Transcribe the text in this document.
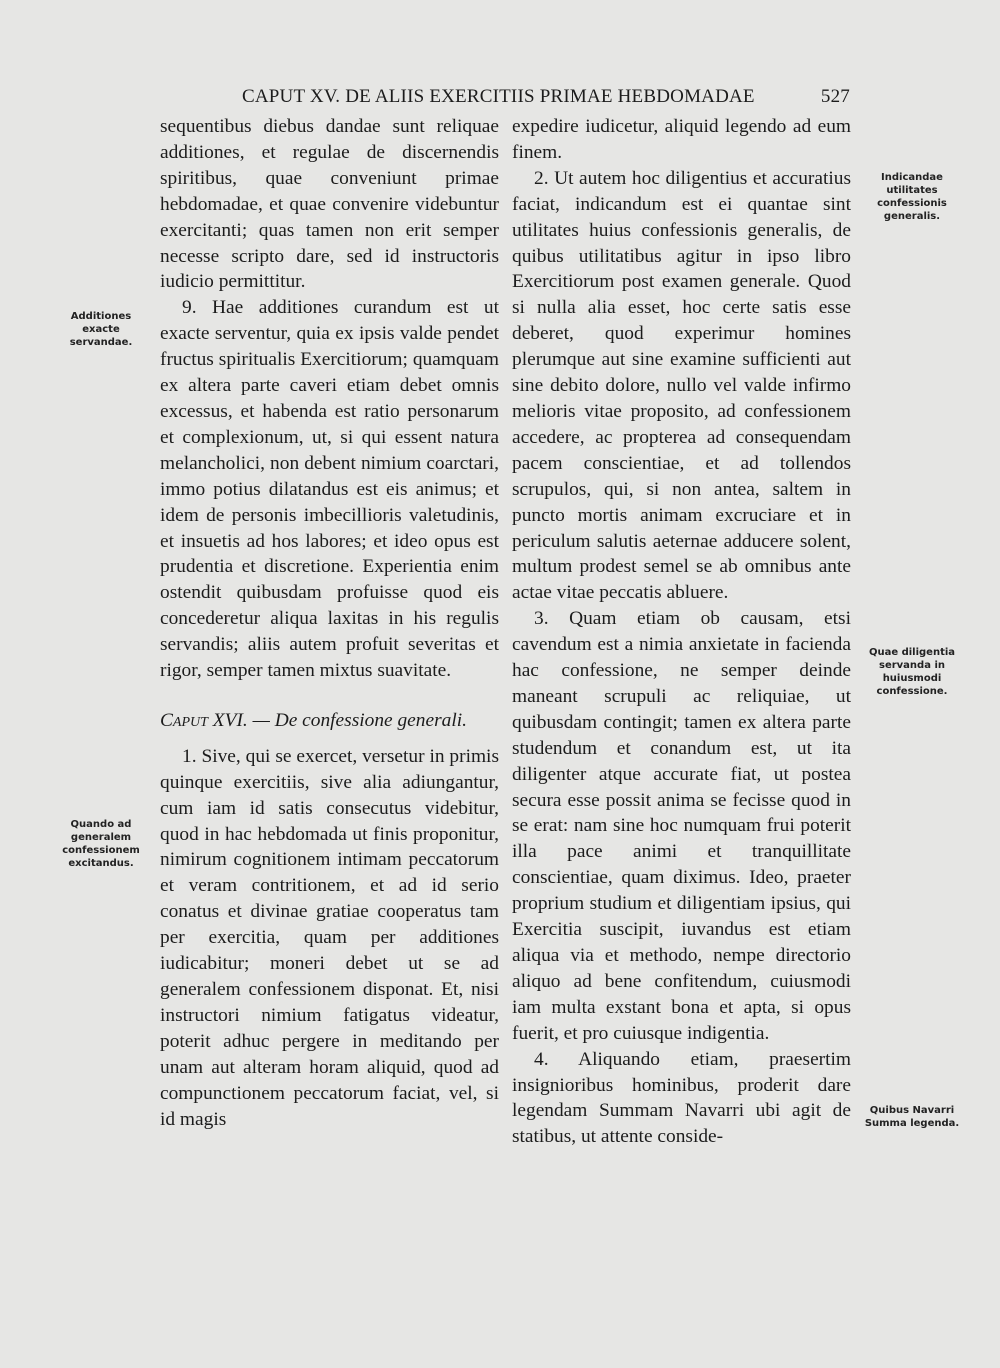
CAPUT XV. DE ALIIS EXERCITIIS PRIMAE HEBDOMADAE	527
Additiones exacte servandae.
Quando ad generalem confessionem excitandus.
Indicandae utilitates confessionis generalis.
Quae diligentia servanda in huiusmodi confessione.
Quibus Navarri Summa legenda.

sequentibus diebus dandae sunt reliquae additiones, et regulae de discernendis spiritibus, quae conveniunt primae hebdomadae, et quae convenire videbuntur exercitanti; quas tamen non erit semper necesse scripto dare, sed id instructoris iudicio permittitur.

9. Hae additiones curandum est ut exacte serventur, quia ex ipsis valde pendet fructus spiritualis Exercitiorum; quamquam ex altera parte caveri etiam debet omnis excessus, et habenda est ratio personarum et complexionum, ut, si qui essent natura melancholici, non debent nimium coarctari, immo potius dilatandus est eis animus; et idem de personis imbecillioris valetudinis, et insuetis ad hos labores; et ideo opus est prudentia et discretione. Experientia enim ostendit quibusdam profuisse quod eis concederetur aliqua laxitas in his regulis servandis; aliis autem profuit severitas et rigor, semper tamen mixtus suavitate.

Caput XVI. — De confessione generali.

1. Sive, qui se exercet, versetur in primis quinque exercitiis, sive alia adiungantur, cum iam id satis consecutus videbitur, quod in hac hebdomada ut finis proponitur, nimirum cognitionem intimam peccatorum et veram contritionem, et ad id serio conatus et divinae gratiae cooperatus tam per exercitia, quam per additiones iudicabitur; moneri debet ut se ad generalem confessionem disponat. Et, nisi instructori nimium fatigatus videatur, poterit adhuc pergere in meditando per unam aut alteram horam aliquid, quod ad compunctionem peccatorum faciat, vel, si id magis

expedire iudicetur, aliquid legendo ad eum finem.

2. Ut autem hoc diligentius et accuratius faciat, indicandum est ei quantae sint utilitates huius confessionis generalis, de quibus utilitatibus agitur in ipso libro Exercitiorum post examen generale. Quod si nulla alia esset, hoc certe satis esse deberet, quod experimur homines plerumque aut sine examine sufficienti aut sine debito dolore, nullo vel valde infirmo melioris vitae proposito, ad confessionem accedere, ac propterea ad consequendam pacem conscientiae, et ad tollendos scrupulos, qui, si non antea, saltem in puncto mortis animam excruciare et in periculum salutis aeternae adducere solent, multum prodest semel se ab omnibus ante actae vitae peccatis abluere.

3. Quam etiam ob causam, etsi cavendum est a nimia anxietate in facienda hac confessione, ne semper deinde maneant scrupuli ac reliquiae, ut quibusdam contingit; tamen ex altera parte studendum et conandum est, ut ita diligenter atque accurate fiat, ut postea secura esse possit anima se fecisse quod in se erat: nam sine hoc numquam frui poterit illa pace animi et tranquillitate conscientiae, quam diximus. Ideo, praeter proprium studium et diligentiam ipsius, qui Exercitia suscipit, iuvandus est etiam aliqua via et methodo, nempe directorio aliquo ad bene confitendum, cuiusmodi iam multa exstant bona et apta, si opus fuerit, et pro cuiusque indigentia.

4. Aliquando etiam, praesertim insignioribus hominibus, proderit dare legendam Summam Navarri ubi agit de statibus, ut attente conside-
